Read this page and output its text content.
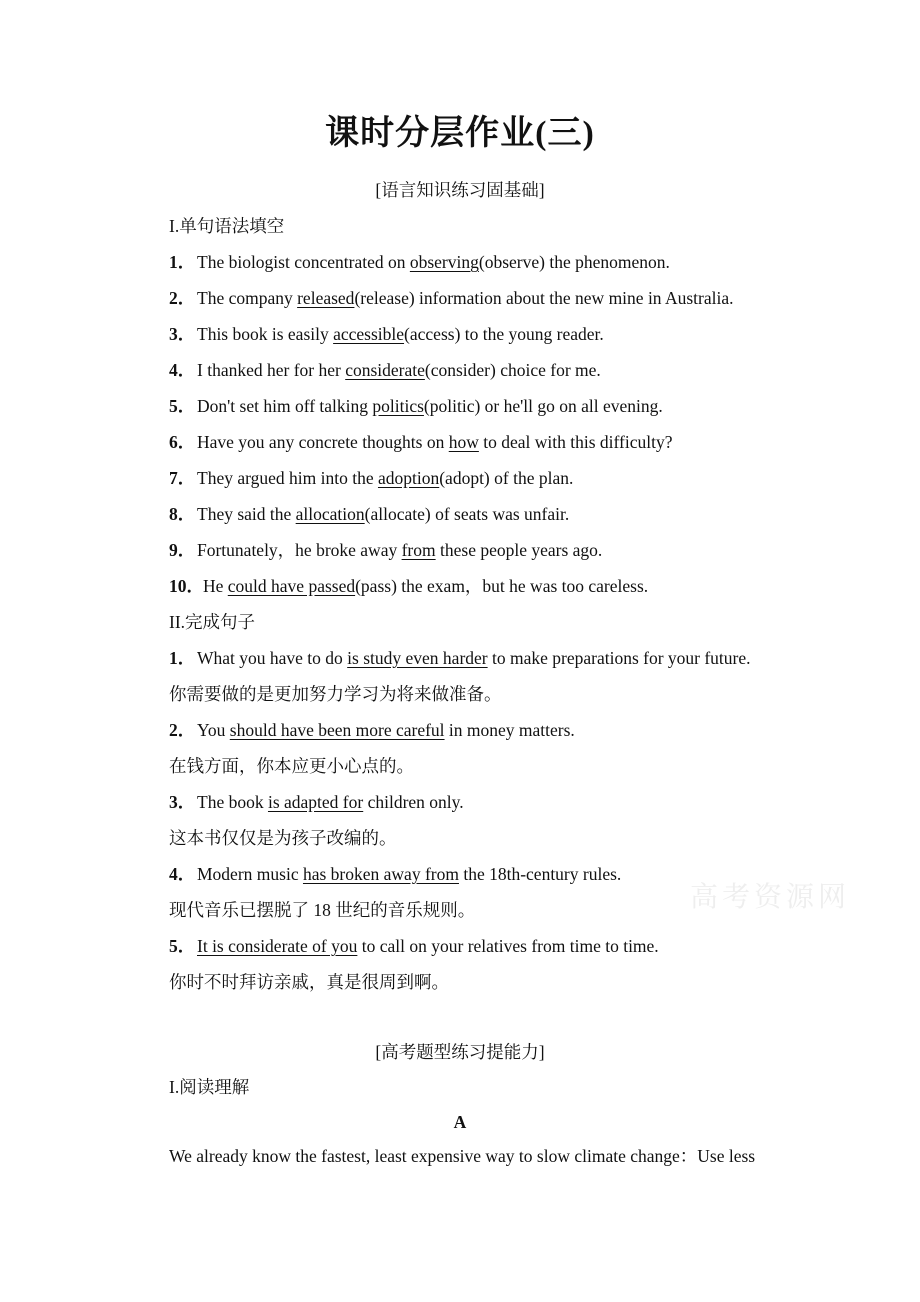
课时分层作业(三)
[语言知识练习固基础]
I.单句语法填空
1． The biologist concentrated on observing(observe) the phenomenon.
2． The company released(release) information about the new mine in Australia.
3． This book is easily accessible(access) to the young reader.
4． I thanked her for her considerate(consider) choice for me.
5． Don't set him off talking politics(politic) or he'll go on all evening.
6． Have you any concrete thoughts on how to deal with this difficulty?
7． They argued him into the adoption(adopt) of the plan.
8． They said the allocation(allocate) of seats was unfair.
9． Fortunately，he broke away from these people years ago.
10．He could have passed(pass) the exam，but he was too careless.
II.完成句子
1． What you have to do is study even harder to make preparations for your future.
你需要做的是更加努力学习为将来做准备。
2． You should have been more careful in money matters.
在钱方面，你本应更小心点的。
3． The book is adapted for children only.
这本书仅仅是为孩子改编的。
4． Modern music has broken away from the 18th-century rules.
现代音乐已摆脱了 18 世纪的音乐规则。
5． It is considerate of you to call on your relatives from time to time.
你时不时拜访亲戚，真是很周到啊。
高考资源网
[高考题型练习提能力]
I.阅读理解
A
We already know the fastest, least expensive way to slow climate change：Use less
